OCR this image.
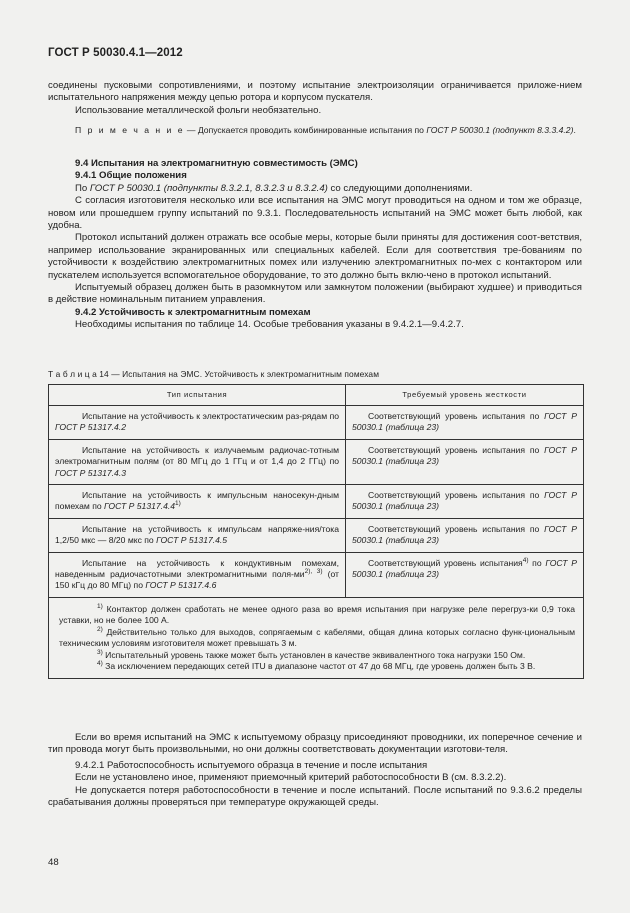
ГОСТ Р 50030.4.1—2012

соединены пусковыми сопротивлениями, и поэтому испытание электроизоляции ограничивается приложе-нием испытательного напряжения между цепью ротора и корпусом пускателя.

Использование металлической фольги необязательно.

П р и м е ч а н и е — Допускается проводить комбинированные испытания по ГОСТ Р 50030.1 (подпункт 8.3.3.4.2).

9.4 Испытания на электромагнитную совместимость (ЭМС)

9.4.1 Общие положения

По ГОСТ Р 50030.1 (подпункты 8.3.2.1, 8.3.2.3 и 8.3.2.4) со следующими дополнениями.

С согласия изготовителя несколько или все испытания на ЭМС могут проводиться на одном и том же образце, новом или прошедшем группу испытаний по 9.3.1. Последовательность испытаний на ЭМС может быть любой, как удобна.

Протокол испытаний должен отражать все особые меры, которые были приняты для достижения соот-ветствия, например использование экранированных или специальных кабелей. Если для соответствия тре-бованиям по устойчивости к воздействию электромагнитных помех или излучению электромагнитных по-мех с контактором или пускателем используется вспомогательное оборудование, то это должно быть вклю-чено в протокол испытаний.

Испытуемый образец должен быть в разомкнутом или замкнутом положении (выбирают худшее) и приводиться в действие номинальным питанием управления.

9.4.2 Устойчивость к электромагнитным помехам

Необходимы испытания по таблице 14. Особые требования указаны в 9.4.2.1—9.4.2.7.

Т а б л и ц а 14 — Испытания на ЭМС. Устойчивость к электромагнитным помехам
Тип испытания	Требуемый уровень жесткости
Испытание на устойчивость к электростатическим раз-рядам по ГОСТ Р 51317.4.2	Соответствующий уровень испытания по ГОСТ Р 50030.1 (таблица 23)
Испытание на устойчивость к излучаемым радиочас-тотным электромагнитным полям (от 80 МГц до 1 ГГц и от 1,4 до 2 ГГц) по ГОСТ Р 51317.4.3	Соответствующий уровень испытания по ГОСТ Р 50030.1 (таблица 23)
Испытание на устойчивость к импульсным наносекун-дным помехам по ГОСТ Р 51317.4.4$^{1)}$	Соответствующий уровень испытания по ГОСТ Р 50030.1 (таблица 23)
Испытание на устойчивость к импульсам напряже-ния/тока 1,2/50 мкс — 8/20 мкс по ГОСТ Р 51317.4.5	Соответствующий уровень испытания по ГОСТ Р 50030.1 (таблица 23)
Испытание на устойчивость к кондуктивным помехам, наведенным радиочастотными электромагнитными поля-$ми^{2), 3)}$ (от 150 кГц до 80 МГц) по ГОСТ Р 51317.4.6	Соответствующий уровень испытания$^{4)}$ по ГОСТ Р 50030.1 (таблица 23)

$^{1)}$ Контактор должен сработать не менее одного раза во время испытания при нагрузке реле перегруз-ки 0,9 тока уставки, но не более 100 А.

$^{2)}$ Действительно только для выходов, сопрягаемым с кабелями, общая длина которых согласно функ-циональным техническим условиям изготовителя может превышать 3 м.

$^{3)}$ Испытательный уровень также может быть установлен в качестве эквивалентного тока нагрузки 150 Ом.

$^{4)}$ За исключением передающих сетей ITU в диапазоне частот от 47 до 68 МГц, где уровень должен быть 3 В.	

Если во время испытаний на ЭМС к испытуемому образцу присоединяют проводники, их поперечное сечение и тип провода могут быть произвольными, но они должны соответствовать документации изготови-теля.

9.4.2.1 Работоспособность испытуемого образца в течение и после испытания

Если не установлено иное, применяют приемочный критерий работоспособности B (см. 8.3.2.2).

Не допускается потеря работоспособности в течение и после испытаний. После испытаний по 9.3.6.2 пределы срабатывания должны проверяться при температуре окружающей среды.

48
